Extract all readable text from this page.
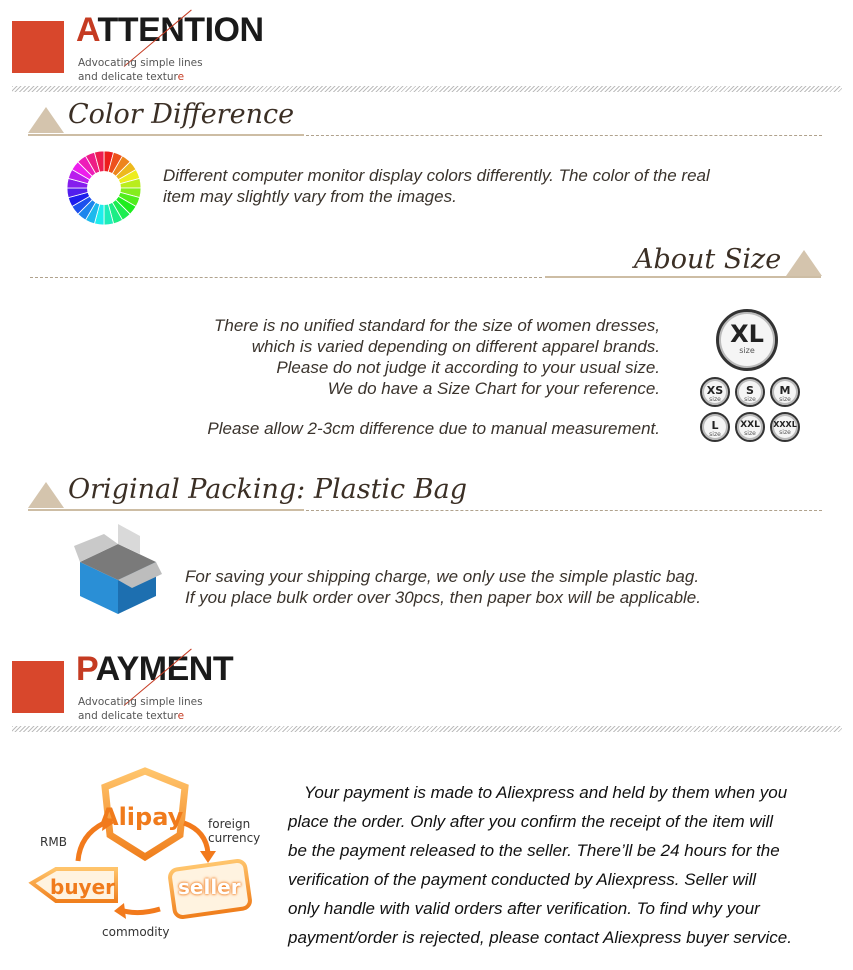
ATTENTION
Advocating simple lines
and delicate texture
Color Difference
Different computer monitor display colors differently. The color of the real
item may slightly vary from the images.
About Size
There is no unified standard for the size of women dresses,
which is varied depending on different apparel brands.
Please do not judge it according to your usual size.
We do have a Size Chart for your reference.
Please allow 2-3cm difference due to manual measurement.
XL
size
XS
size
S
size
M
size
L
size
XXL
size
XXXL
size
Original Packing: Plastic Bag
For saving your shipping charge, we only use the simple plastic bag.
If you place bulk order over 30pcs, then paper box will be applicable.
PAYMENT
Advocating simple lines
and delicate texture
Alipay
buyer	seller
RMB
foreign
currency
commodity
Your payment is made to Aliexpress and held by them when you
place the order. Only after you confirm the receipt of the item will
be the payment released to the seller. There’ll be 24 hours for the
verification of the payment conducted by Aliexpress. Seller will
only handle with valid orders after verification. To find why your
payment/order is rejected, please contact Aliexpress buyer service.
